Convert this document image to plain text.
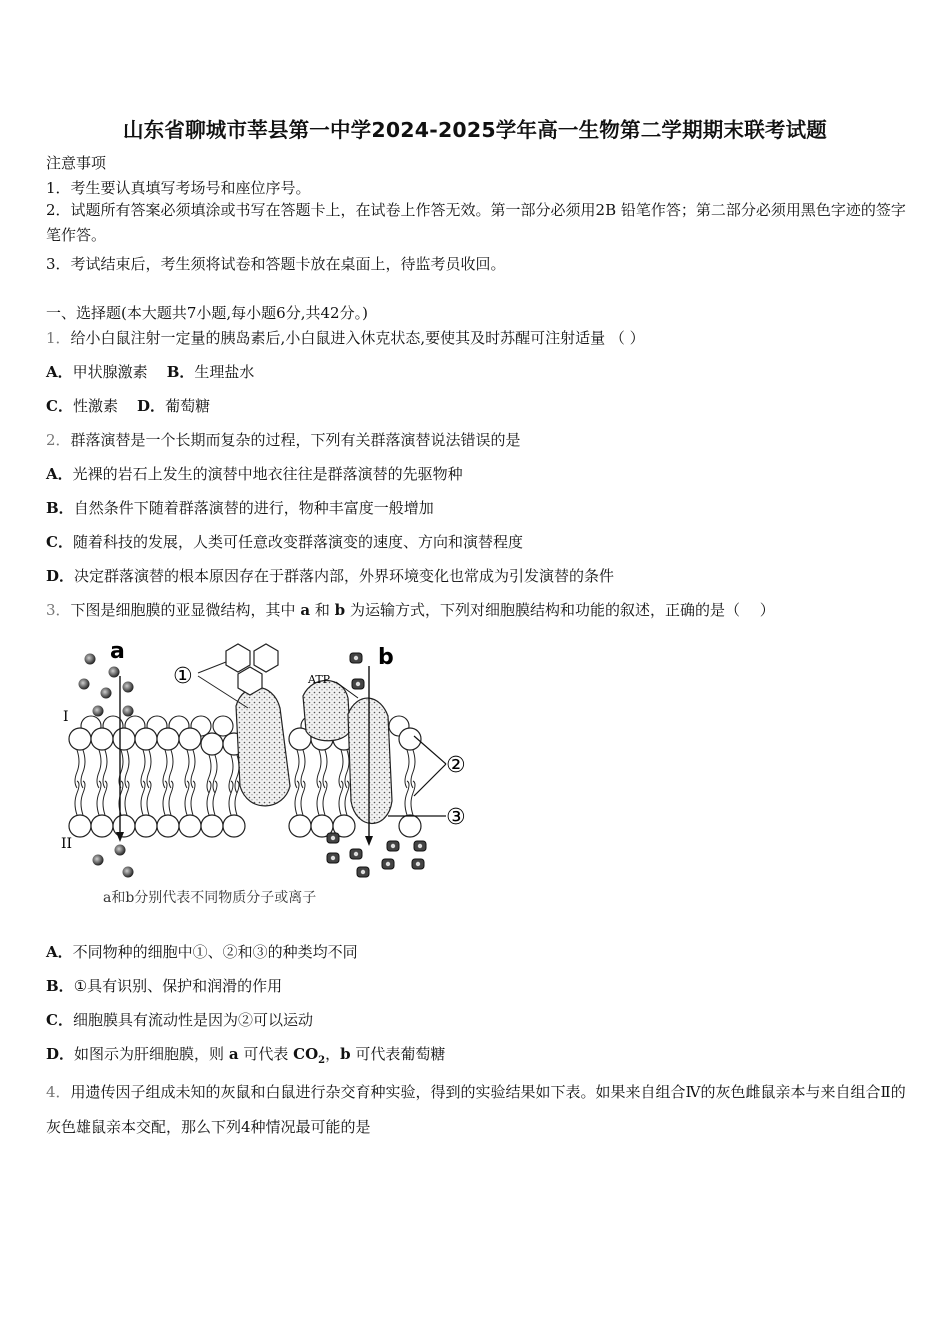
山东省聊城市莘县第一中学2024-2025学年高一生物第二学期期末联考试题
注意事项
1．考生要认真填写考场号和座位序号。
2．试题所有答案必须填涂或书写在答题卡上，在试卷上作答无效。第一部分必须用2B 铅笔作答；第二部分必须用黑色字迹的签字笔作答。
3．考试结束后，考生须将试卷和答题卡放在桌面上，待监考员收回。
一、选择题(本大题共7小题,每小题6分,共42分。)
1．给小白鼠注射一定量的胰岛素后,小白鼠进入休克状态,要使其及时苏醒可注射适量 （ ）
A．甲状腺激素 B．生理盐水
C．性激素 D．葡萄糖
2．群落演替是一个长期而复杂的过程，下列有关群落演替说法错误的是
A．光裸的岩石上发生的演替中地衣往往是群落演替的先驱物种
B．自然条件下随着群落演替的进行，物种丰富度一般增加
C．随着科技的发展，人类可任意改变群落演变的速度、方向和演替程度
D．决定群落演替的根本原因存在于群落内部，外界环境变化也常成为引发演替的条件
3．下图是细胞膜的亚显微结构，其中 a 和 b 为运输方式，下列对细胞膜结构和功能的叙述，正确的是（　 ）
a	b
I
II
ATP
①
②
③
a和b分别代表不同物质分子或离子
A．不同物种的细胞中①、②和③的种类均不同
B．①具有识别、保护和润滑的作用
C．细胞膜具有流动性是因为②可以运动
D．如图示为肝细胞膜，则 a 可代表 $CO_2$，b 可代表葡萄糖
4．用遗传因子组成未知的灰鼠和白鼠进行杂交育种实验，得到的实验结果如下表。如果来自组合Ⅳ的灰色雌鼠亲本与来自组合Ⅱ的灰色雄鼠亲本交配，那么下列4种情况最可能的是
